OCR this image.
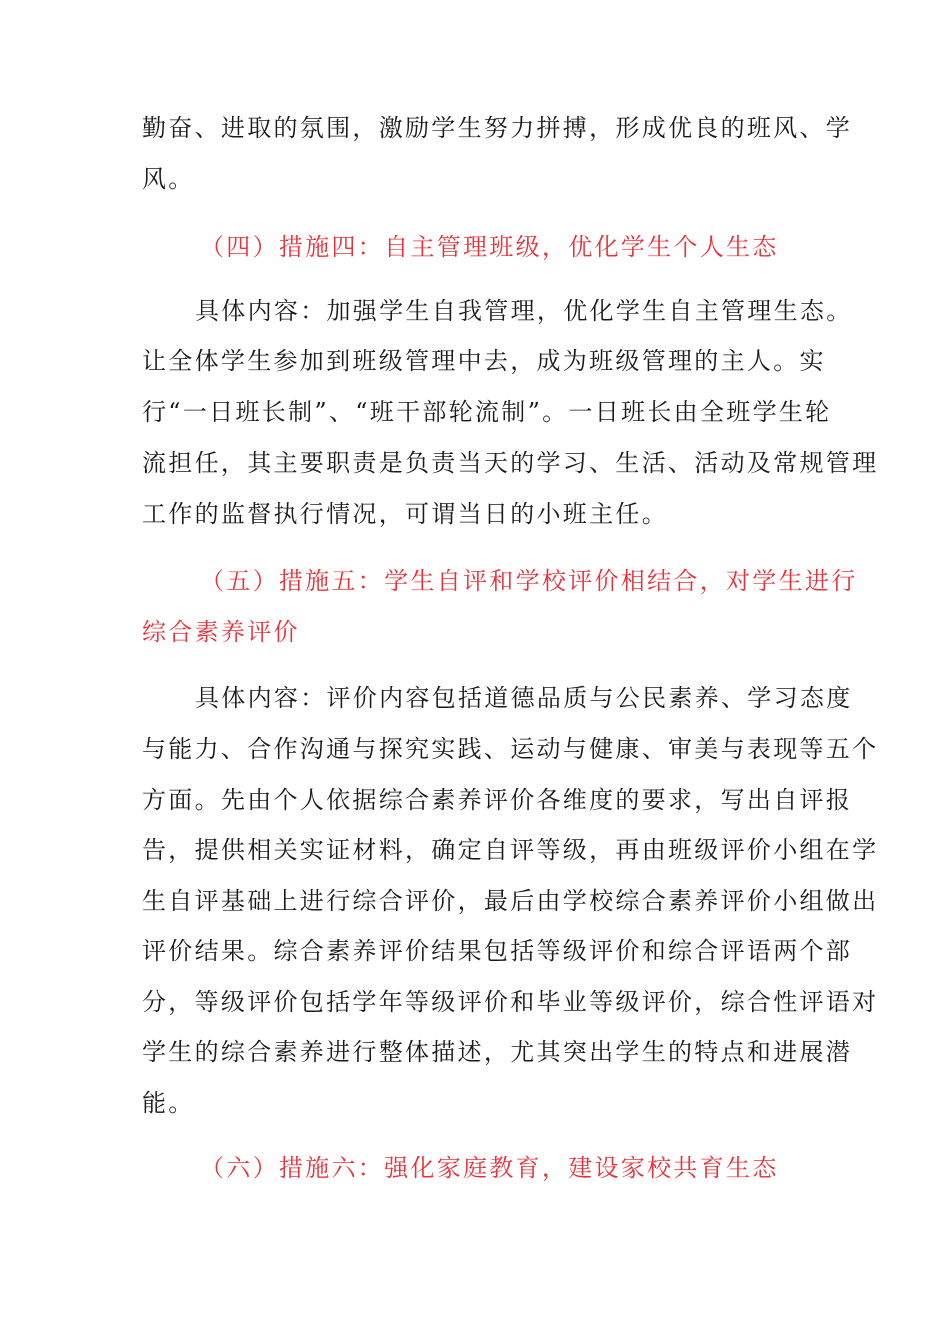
勤奋、进取的氛围，激励学生努力拼搏，形成优良的班风、学
风。
（四）措施四：自主管理班级，优化学生个人生态
具体内容：加强学生自我管理，优化学生自主管理生态。
让全体学生参加到班级管理中去，成为班级管理的主人。实
行“一日班长制”、“班干部轮流制”。一日班长由全班学生轮
流担任，其主要职责是负责当天的学习、生活、活动及常规管理
工作的监督执行情况，可谓当日的小班主任。
（五）措施五：学生自评和学校评价相结合，对学生进行
综合素养评价
具体内容：评价内容包括道德品质与公民素养、学习态度
与能力、合作沟通与探究实践、运动与健康、审美与表现等五个
方面。先由个人依据综合素养评价各维度的要求，写出自评报
告，提供相关实证材料，确定自评等级，再由班级评价小组在学
生自评基础上进行综合评价，最后由学校综合素养评价小组做出
评价结果。综合素养评价结果包括等级评价和综合评语两个部
分，等级评价包括学年等级评价和毕业等级评价，综合性评语对
学生的综合素养进行整体描述，尤其突出学生的特点和进展潜
能。
（六）措施六：强化家庭教育，建设家校共育生态
